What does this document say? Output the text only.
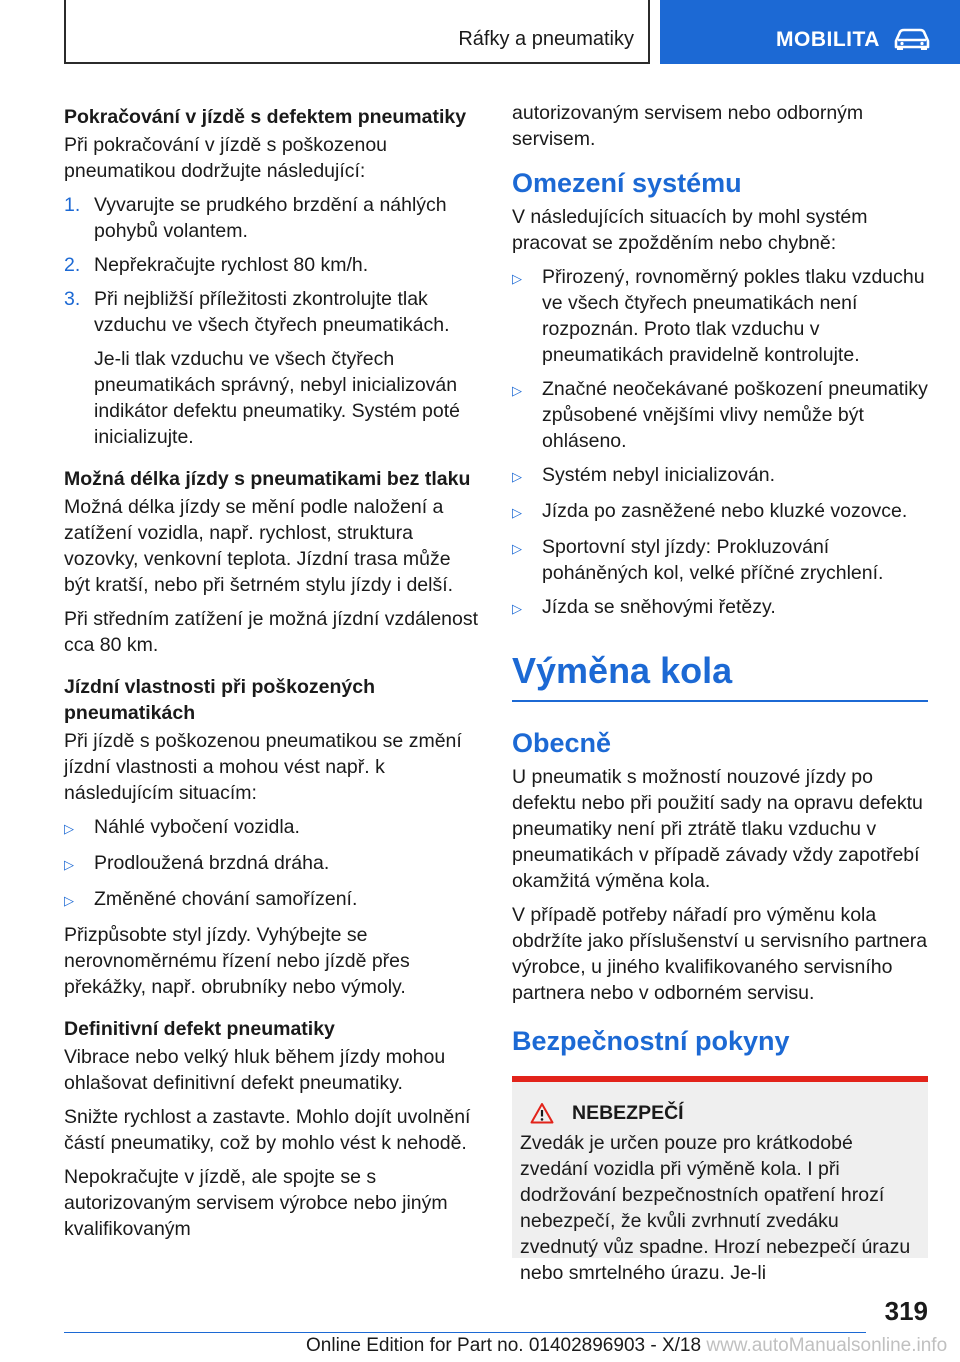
Ráfky a pneumatiky	MOBILITA
Pokračování v jízdě s defektem pneumatiky

Při pokračování v jízdě s poškozenou pneumatikou dodržujte následující:

1. Vyvarujte se prudkého brzdění a náhlých pohybů volantem.
2. Nepřekračujte rychlost 80 km/h.
3. Při nejbližší příležitosti zkontrolujte tlak vzduchu ve všech čtyřech pneumatikách.

Je-li tlak vzduchu ve všech čtyřech pneumatikách správný, nebyl inicializován indikátor defektu pneumatiky. Systém poté inicializujte.

Možná délka jízdy s pneumatikami bez tlaku

Možná délka jízdy se mění podle naložení a zatížení vozidla, např. rychlost, struktura vozovky, venkovní teplota. Jízdní trasa může být kratší, nebo při šetrném stylu jízdy i delší.

Při středním zatížení je možná jízdní vzdálenost cca 80 km.

Jízdní vlastnosti při poškozených pneumatikách

Při jízdě s poškozenou pneumatikou se změní jízdní vlastnosti a mohou vést např. k následujícím situacím:

▷	Náhlé vybočení vozidla.
▷	Prodloužená brzdná dráha.
▷	Změněné chování samořízení.

Přizpůsobte styl jízdy. Vyhýbejte se nerovnoměrnému řízení nebo jízdě přes překážky, např. obrubníky nebo výmoly.

Definitivní defekt pneumatiky

Vibrace nebo velký hluk během jízdy mohou ohlašovat definitivní defekt pneumatiky.

Snižte rychlost a zastavte. Mohlo dojít uvolnění částí pneumatiky, což by mohlo vést k nehodě.

Nepokračujte v jízdě, ale spojte se s autorizovaným servisem výrobce nebo jiným kvalifikovaným

autorizovaným servisem nebo odborným servisem.

Omezení systému

V následujících situacích by mohl systém pracovat se zpožděním nebo chybně:

▷	Přirozený, rovnoměrný pokles tlaku vzduchu ve všech čtyřech pneumatikách není rozpoznán. Proto tlak vzduchu v pneumatikách pravidelně kontrolujte.
▷	Značné neočekávané poškození pneumatiky způsobené vnějšími vlivy nemůže být ohláseno.
▷	Systém nebyl inicializován.
▷	Jízda po zasněžené nebo kluzké vozovce.
▷	Sportovní styl jízdy: Prokluzování poháněných kol, velké příčné zrychlení.
▷	Jízda se sněhovými řetězy.
Výměna kola
Obecně

U pneumatik s možností nouzové jízdy po defektu nebo při použití sady na opravu defektu pneumatiky není při ztrátě tlaku vzduchu v pneumatikách v případě závady vždy zapotřebí okamžitá výměna kola.

V případě potřeby nářadí pro výměnu kola obdržíte jako příslušenství u servisního partnera výrobce, u jiného kvalifikovaného servisního partnera nebo v odborném servisu.

Bezpečnostní pokyny
NEBEZPEČÍ

Zvedák je určen pouze pro krátkodobé zvedání vozidla při výměně kola. I při dodržování bezpečnostních opatření hrozí nebezpečí, že kvůli zvrhnutí zvedáku zvednutý vůz spadne. Hrozí nebezpečí úrazu nebo smrtelného úrazu. Je-li

319
Online Edition for Part no. 01402896903 - X/18 www.autoManualsonline.info
